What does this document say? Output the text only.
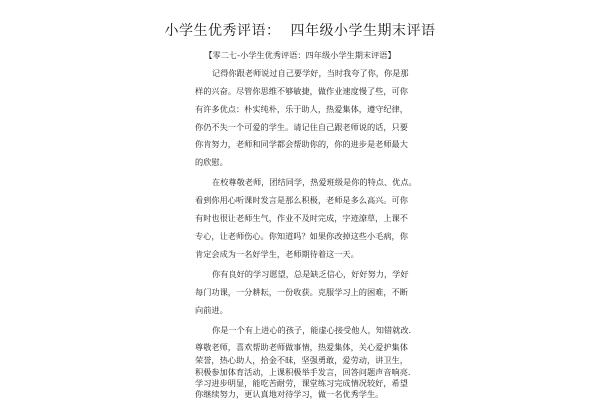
小学生优秀评语：  四年级小学生期末评语
【零二七-小学生优秀评语：四年级小学生期末评语】
记得你跟老师说过自己要学好，当时我夸了你，你是那
样的兴奋。尽管你思维不够敏捷，做作业速度慢了些，可你
有许多优点：朴实纯朴，乐于助人，热爱集体，遵守纪律，
你仍不失一个可爱的学生。请记住自己跟老师说的话，只要
你肯努力，老师和同学都会帮助你的，你的进步是老师最大
的欣慰。
在校尊敬老师，团结同学，热爱班级是你的特点、优点。
看到你用心听课时发言是那么积极，老师是多么高兴。可你
有时也很让老师生气，作业不及时完成，字迹潦草，上课不
专心，让老师伤心。你知道吗？如果你改掉这些小毛病，你
肯定会成为一名好学生，老师期待着这一天。
你有良好的学习愿望，总是缺乏信心，好好努力，学好
每门功课，一分耕耘，一份收获。克服学习上的困难，不断
向前进。
你是一个有上进心的孩子，能虚心接受他人，知错就改.
尊敬老师，喜欢帮助老师做事情，热爱集体，关心爱护集体
荣誉，热心助人，拾金不昧，坚强勇敢，爱劳动，讲卫生，
积极参加体育活动，上课积极举手发言，回答问题声音响亮.
学习进步明显，能吃苦耐劳，课堂练习完成情况较好，希望
你继续努力，更认真地对待学习，做一名优秀学生。
